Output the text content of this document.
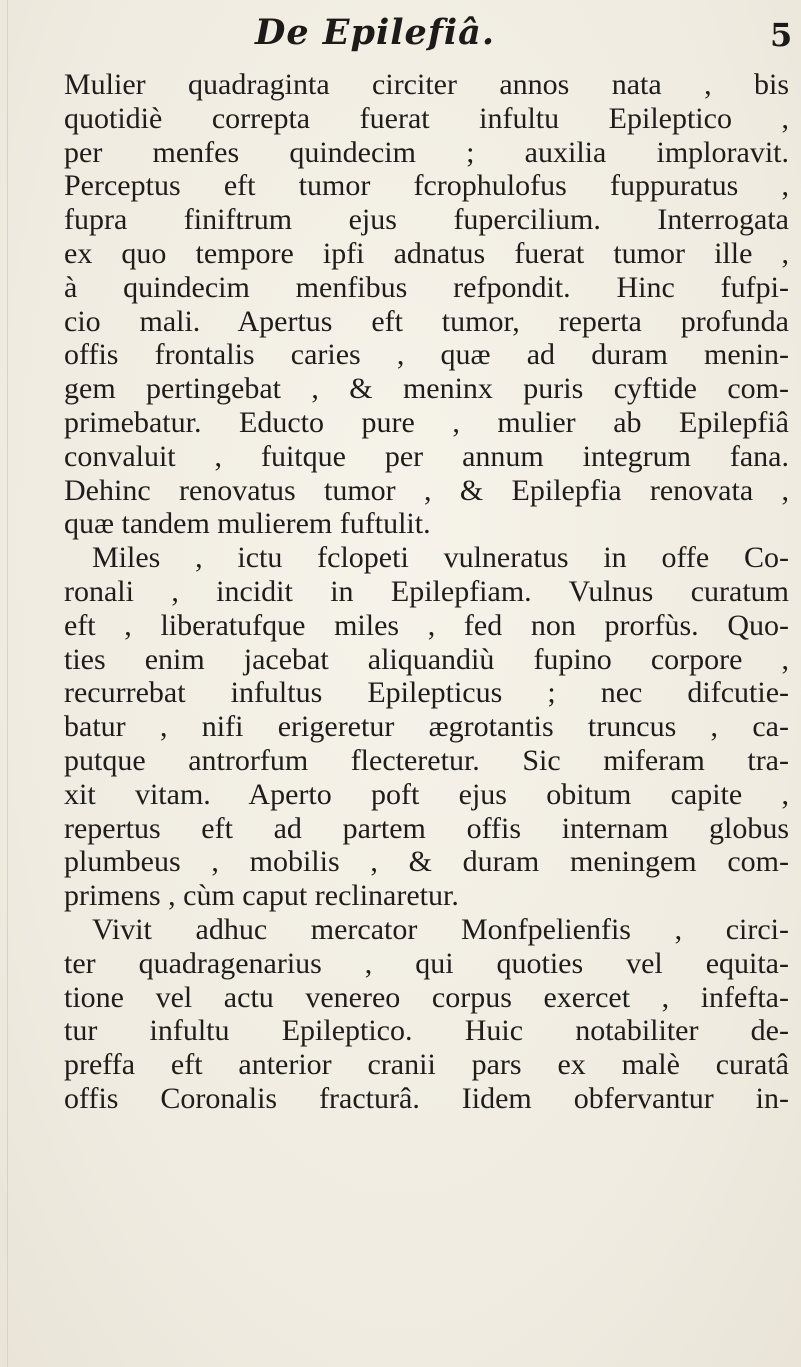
De Epilefiâ.	5
Mulier quadraginta circiter annos nata , bis
quotidiè correpta fuerat infultu Epileptico ,
per menfes quindecim ; auxilia imploravit.
Perceptus eft tumor fcrophulofus fuppuratus ,
fupra finiftrum ejus fupercilium. Interrogata
ex quo tempore ipfi adnatus fuerat tumor ille ,
à quindecim menfibus refpondit. Hinc fufpi-
cio mali. Apertus eft tumor, reperta profunda
offis frontalis caries , quæ ad duram menin-
gem pertingebat , & meninx puris cyftide com-
primebatur. Eductо pure , mulier ab Epilepfiâ
convaluit , fuitque per annum integrum fana.
Dehinc renovatus tumor , & Epilepfia renovata ,
quæ tandem mulierem fuftulit.
Miles , ictu fclopeti vulneratus in offe Co-
ronali , incidit in Epilepfiam. Vulnus curatum
eft , liberatufque miles , fed non prorfùs. Quo-
ties enim jacebat aliquandiù fupino corpore ,
recurrebat infultus Epilepticus ; nec difcutie-
batur , nifi erigeretur ægrotantis truncus , ca-
putque antrorfum flecteretur. Sic miferam tra-
xit vitam. Aperto poft ejus obitum capite ,
repertus eft ad partem offis internam globus
plumbeus , mobilis , & duram meningem com-
primens , cùm caput reclinaretur.
Vivit adhuc mercator Monfpelienfis , circi-
ter quadragenarius , qui quoties vel equita-
tione vel actu venereo corpus exercet , infefta-
tur infultu Epileptico. Huic notabiliter de-
preffa eft anterior cranii pars ex malè curatâ
offis Coronalis fracturâ. Iidem obfervantur in-
